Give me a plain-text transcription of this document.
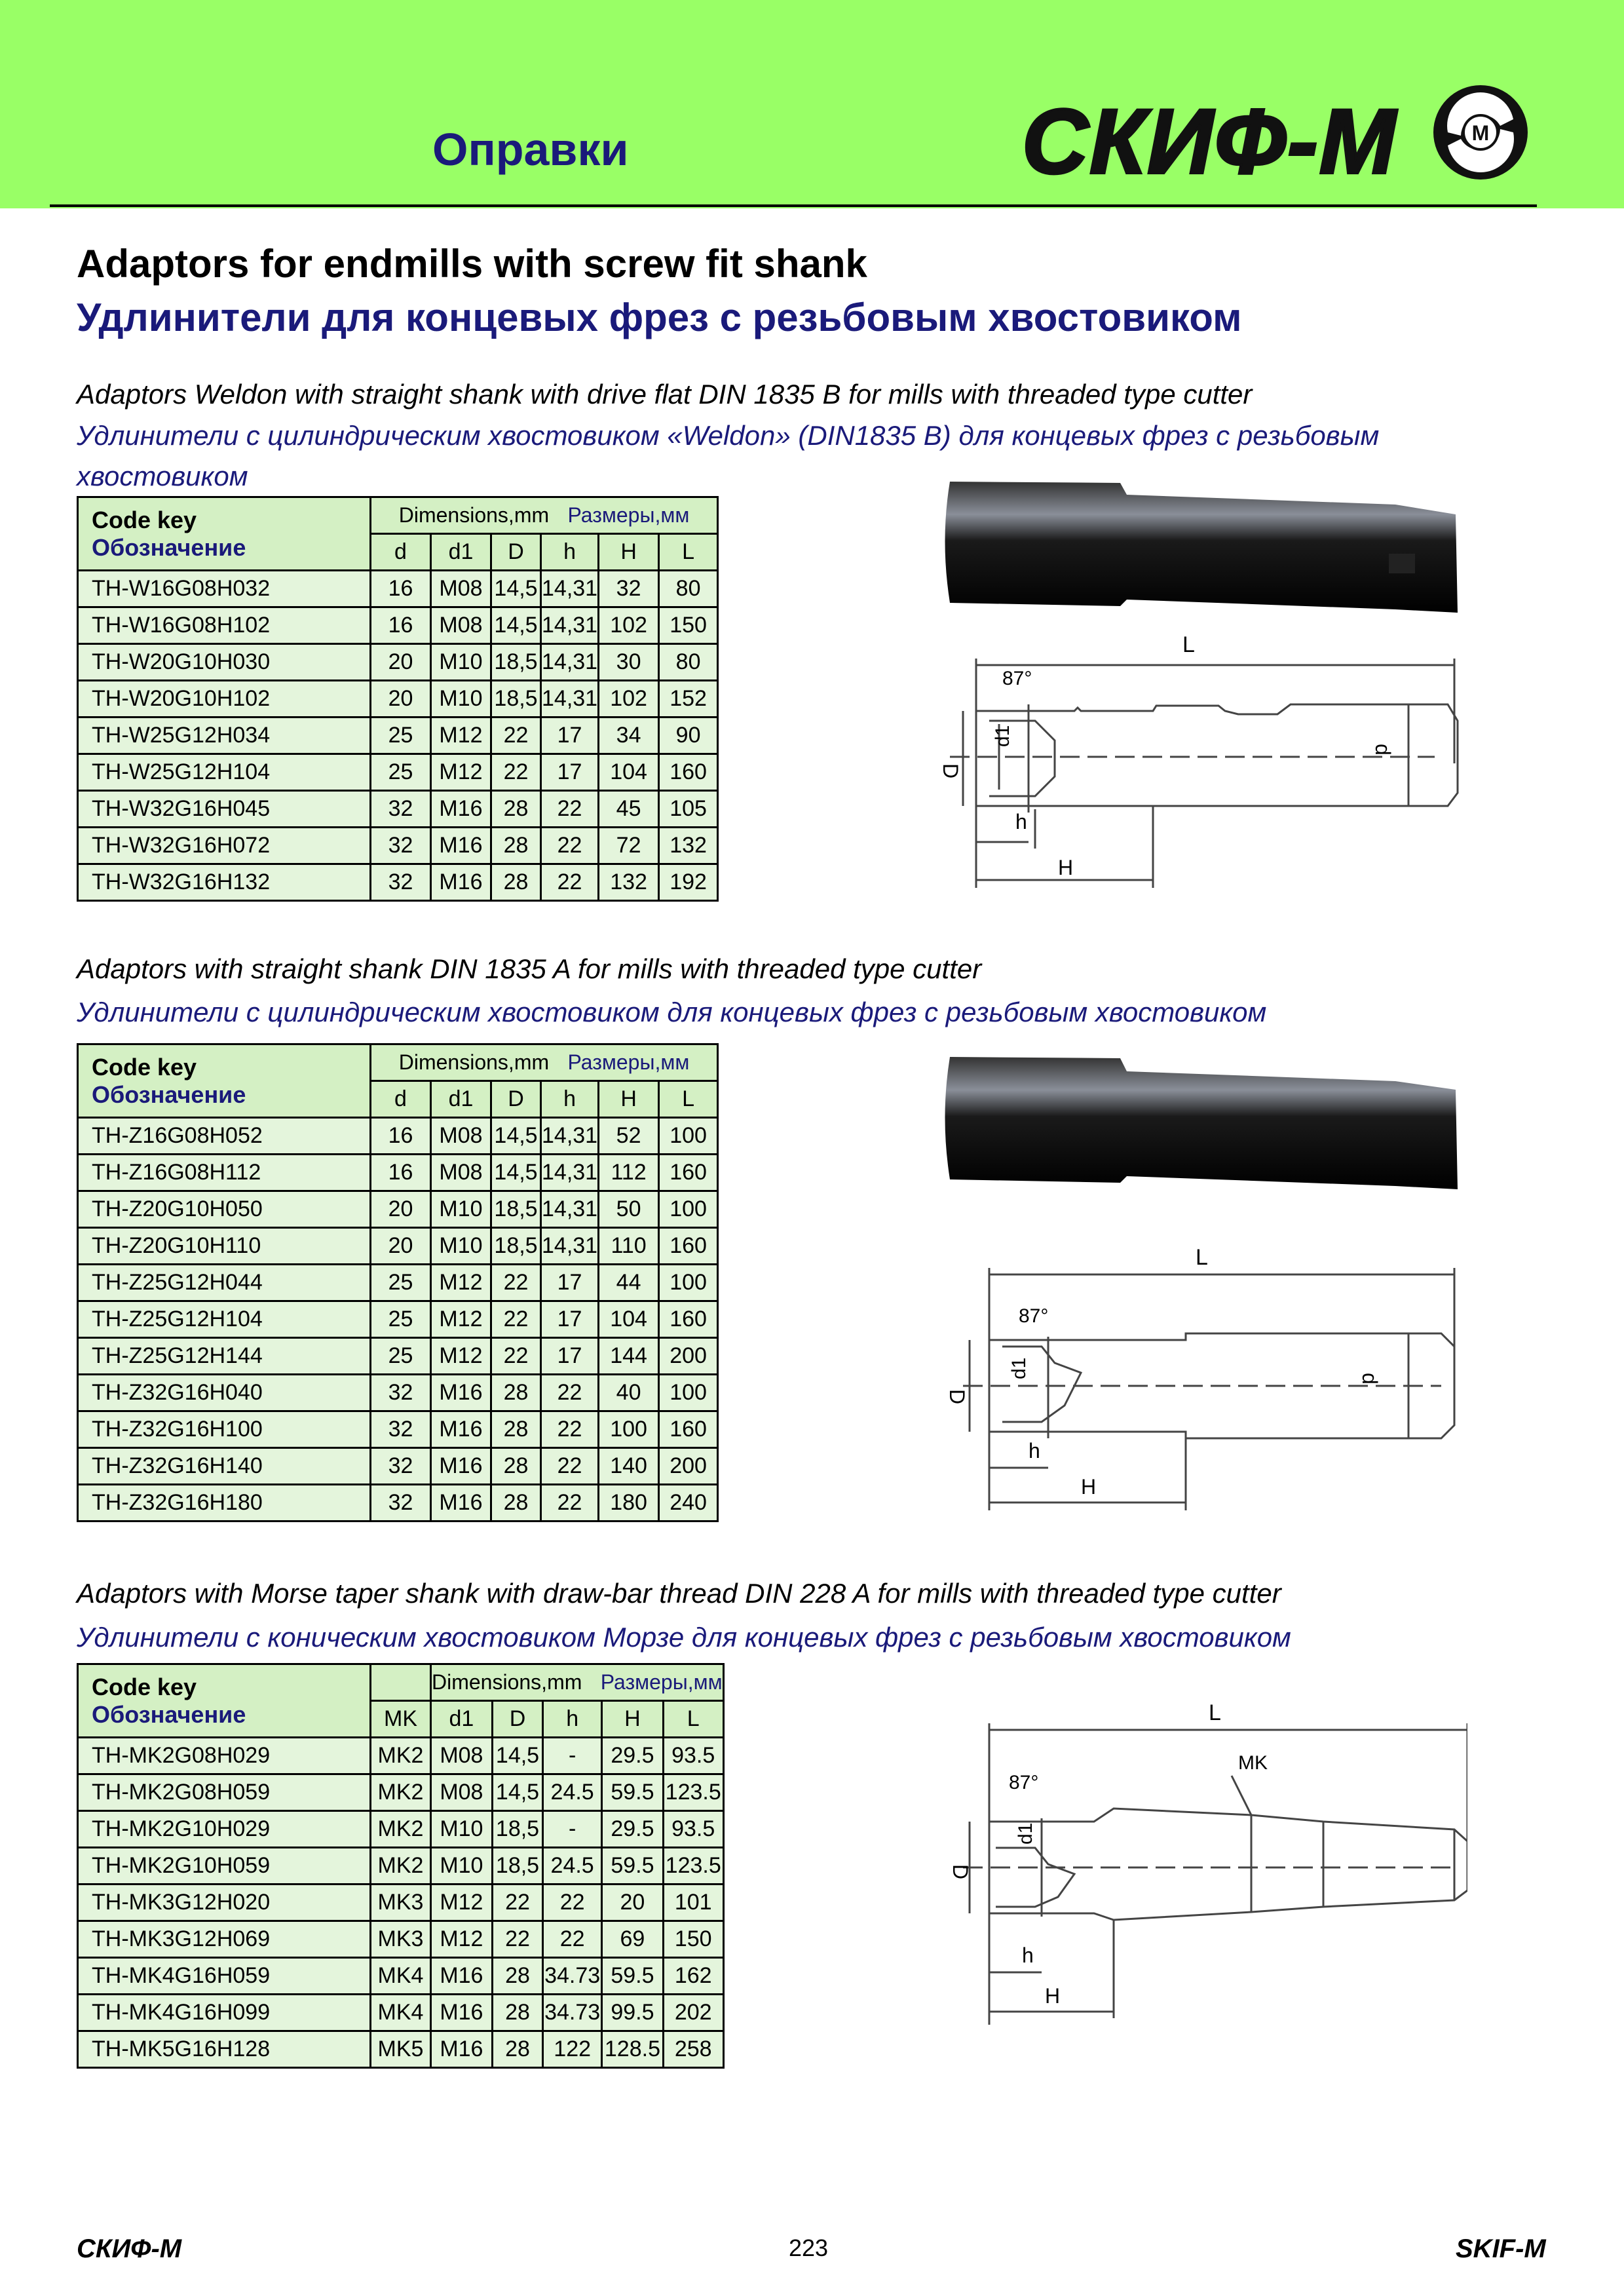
Оправки	СКИФ-М	M
Adaptors for endmills with screw fit shank
Удлинители для концевых фрез с резьбовым хвостовиком
Adaptors Weldon with straight shank with drive flat DIN 1835 B for mills with threaded type cutter
Удлинители с цилиндрическим хвостовиком «Weldon» (DIN1835 B) для концевых фрез с резьбовым хвостовиком
Code key
Обозначение	Dimensions,mm Размеры,мм					
	d	d1	D	h	H	L
TH-W16G08H032	16	M08	14,5	14,31	32	80
TH-W16G08H102	16	M08	14,5	14,31	102	150
TH-W20G10H030	20	M10	18,5	14,31	30	80
TH-W20G10H102	20	M10	18,5	14,31	102	152
TH-W25G12H034	25	M12	22	17	34	90
TH-W25G12H104	25	M12	22	17	104	160
TH-W32G16H045	32	M16	28	22	45	105
TH-W32G16H072	32	M16	28	22	72	132
TH-W32G16H132	32	M16	28	22	132	192
L
87°
D
d1
d
h
H
Adaptors with straight shank DIN 1835 A for mills with threaded type cutter
Удлинители с цилиндрическим хвостовиком для концевых фрез с резьбовым хвостовиком
Code key
Обозначение	Dimensions,mm Размеры,мм					
	d	d1	D	h	H	L
TH-Z16G08H052	16	M08	14,5	14,31	52	100
TH-Z16G08H112	16	M08	14,5	14,31	112	160
TH-Z20G10H050	20	M10	18,5	14,31	50	100
TH-Z20G10H110	20	M10	18,5	14,31	110	160
TH-Z25G12H044	25	M12	22	17	44	100
TH-Z25G12H104	25	M12	22	17	104	160
TH-Z25G12H144	25	M12	22	17	144	200
TH-Z32G16H040	32	M16	28	22	40	100
TH-Z32G16H100	32	M16	28	22	100	160
TH-Z32G16H140	32	M16	28	22	140	200
TH-Z32G16H180	32	M16	28	22	180	240
L
87°
D
d1	d
h
H
Adaptors with Morse taper shank with draw-bar thread DIN 228 A for mills with threaded type cutter
Удлинители с коническим хвостовиком Морзе для концевых фрез с резьбовым хвостовиком
Code key
Обозначение		Dimensions,mm Размеры,мм				
	MK	d1	D	h	H	L
TH-MK2G08H029	MK2	M08	14,5	-	29.5	93.5
TH-MK2G08H059	MK2	M08	14,5	24.5	59.5	123.5
TH-MK2G10H029	MK2	M10	18,5	-	29.5	93.5
TH-MK2G10H059	MK2	M10	18,5	24.5	59.5	123.5
TH-MK3G12H020	MK3	M12	22	22	20	101
TH-MK3G12H069	MK3	M12	22	22	69	150
TH-MK4G16H059	MK4	M16	28	34.73	59.5	162
TH-MK4G16H099	MK4	M16	28	34.73	99.5	202
TH-MK5G16H128	MK5	M16	28	122	128.5	258
L
MK
87°
D
d1
h
H
СКИФ-М	223	SKIF-M
